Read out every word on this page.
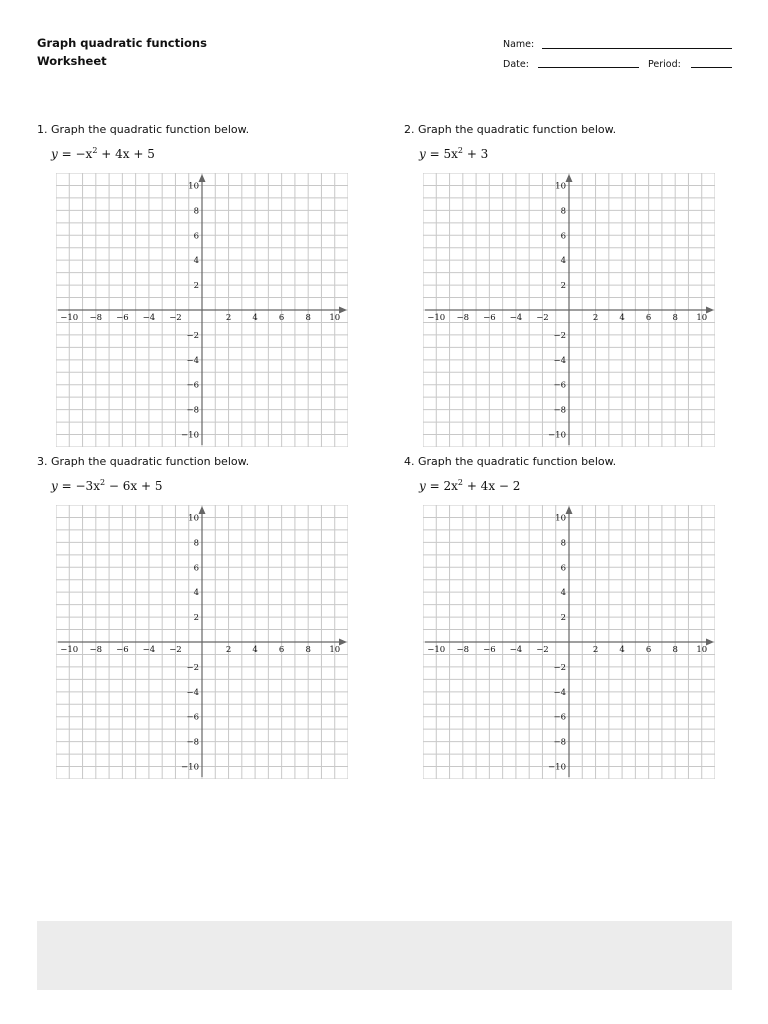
Graph quadratic functions
Worksheet
Name:
Date:	Period:
1. Graph the quadratic function below.
$y = -x^2 + 4x + 5$
−10 −8 −6 −4 −2	2 4 6 8 10
10
8
6
4
2
−2
−4
−6
−8
−10
2. Graph the quadratic function below.
$y = 5x^2 + 3$
−10 −8 −6 −4 −2	2 4 6 8 10
10
8
6
4
2
−2
−4
−6
−8
−10
3. Graph the quadratic function below.
$y = -3x^2 - 6x + 5$
−10 −8 −6 −4 −2	2 4 6 8 10
10
8
6
4
2
−2
−4
−6
−8
−10
4. Graph the quadratic function below.
$y = 2x^2 + 4x - 2$
−10 −8 −6 −4 −2	2 4 6 8 10
10
8
6
4
2
−2
−4
−6
−8
−10
